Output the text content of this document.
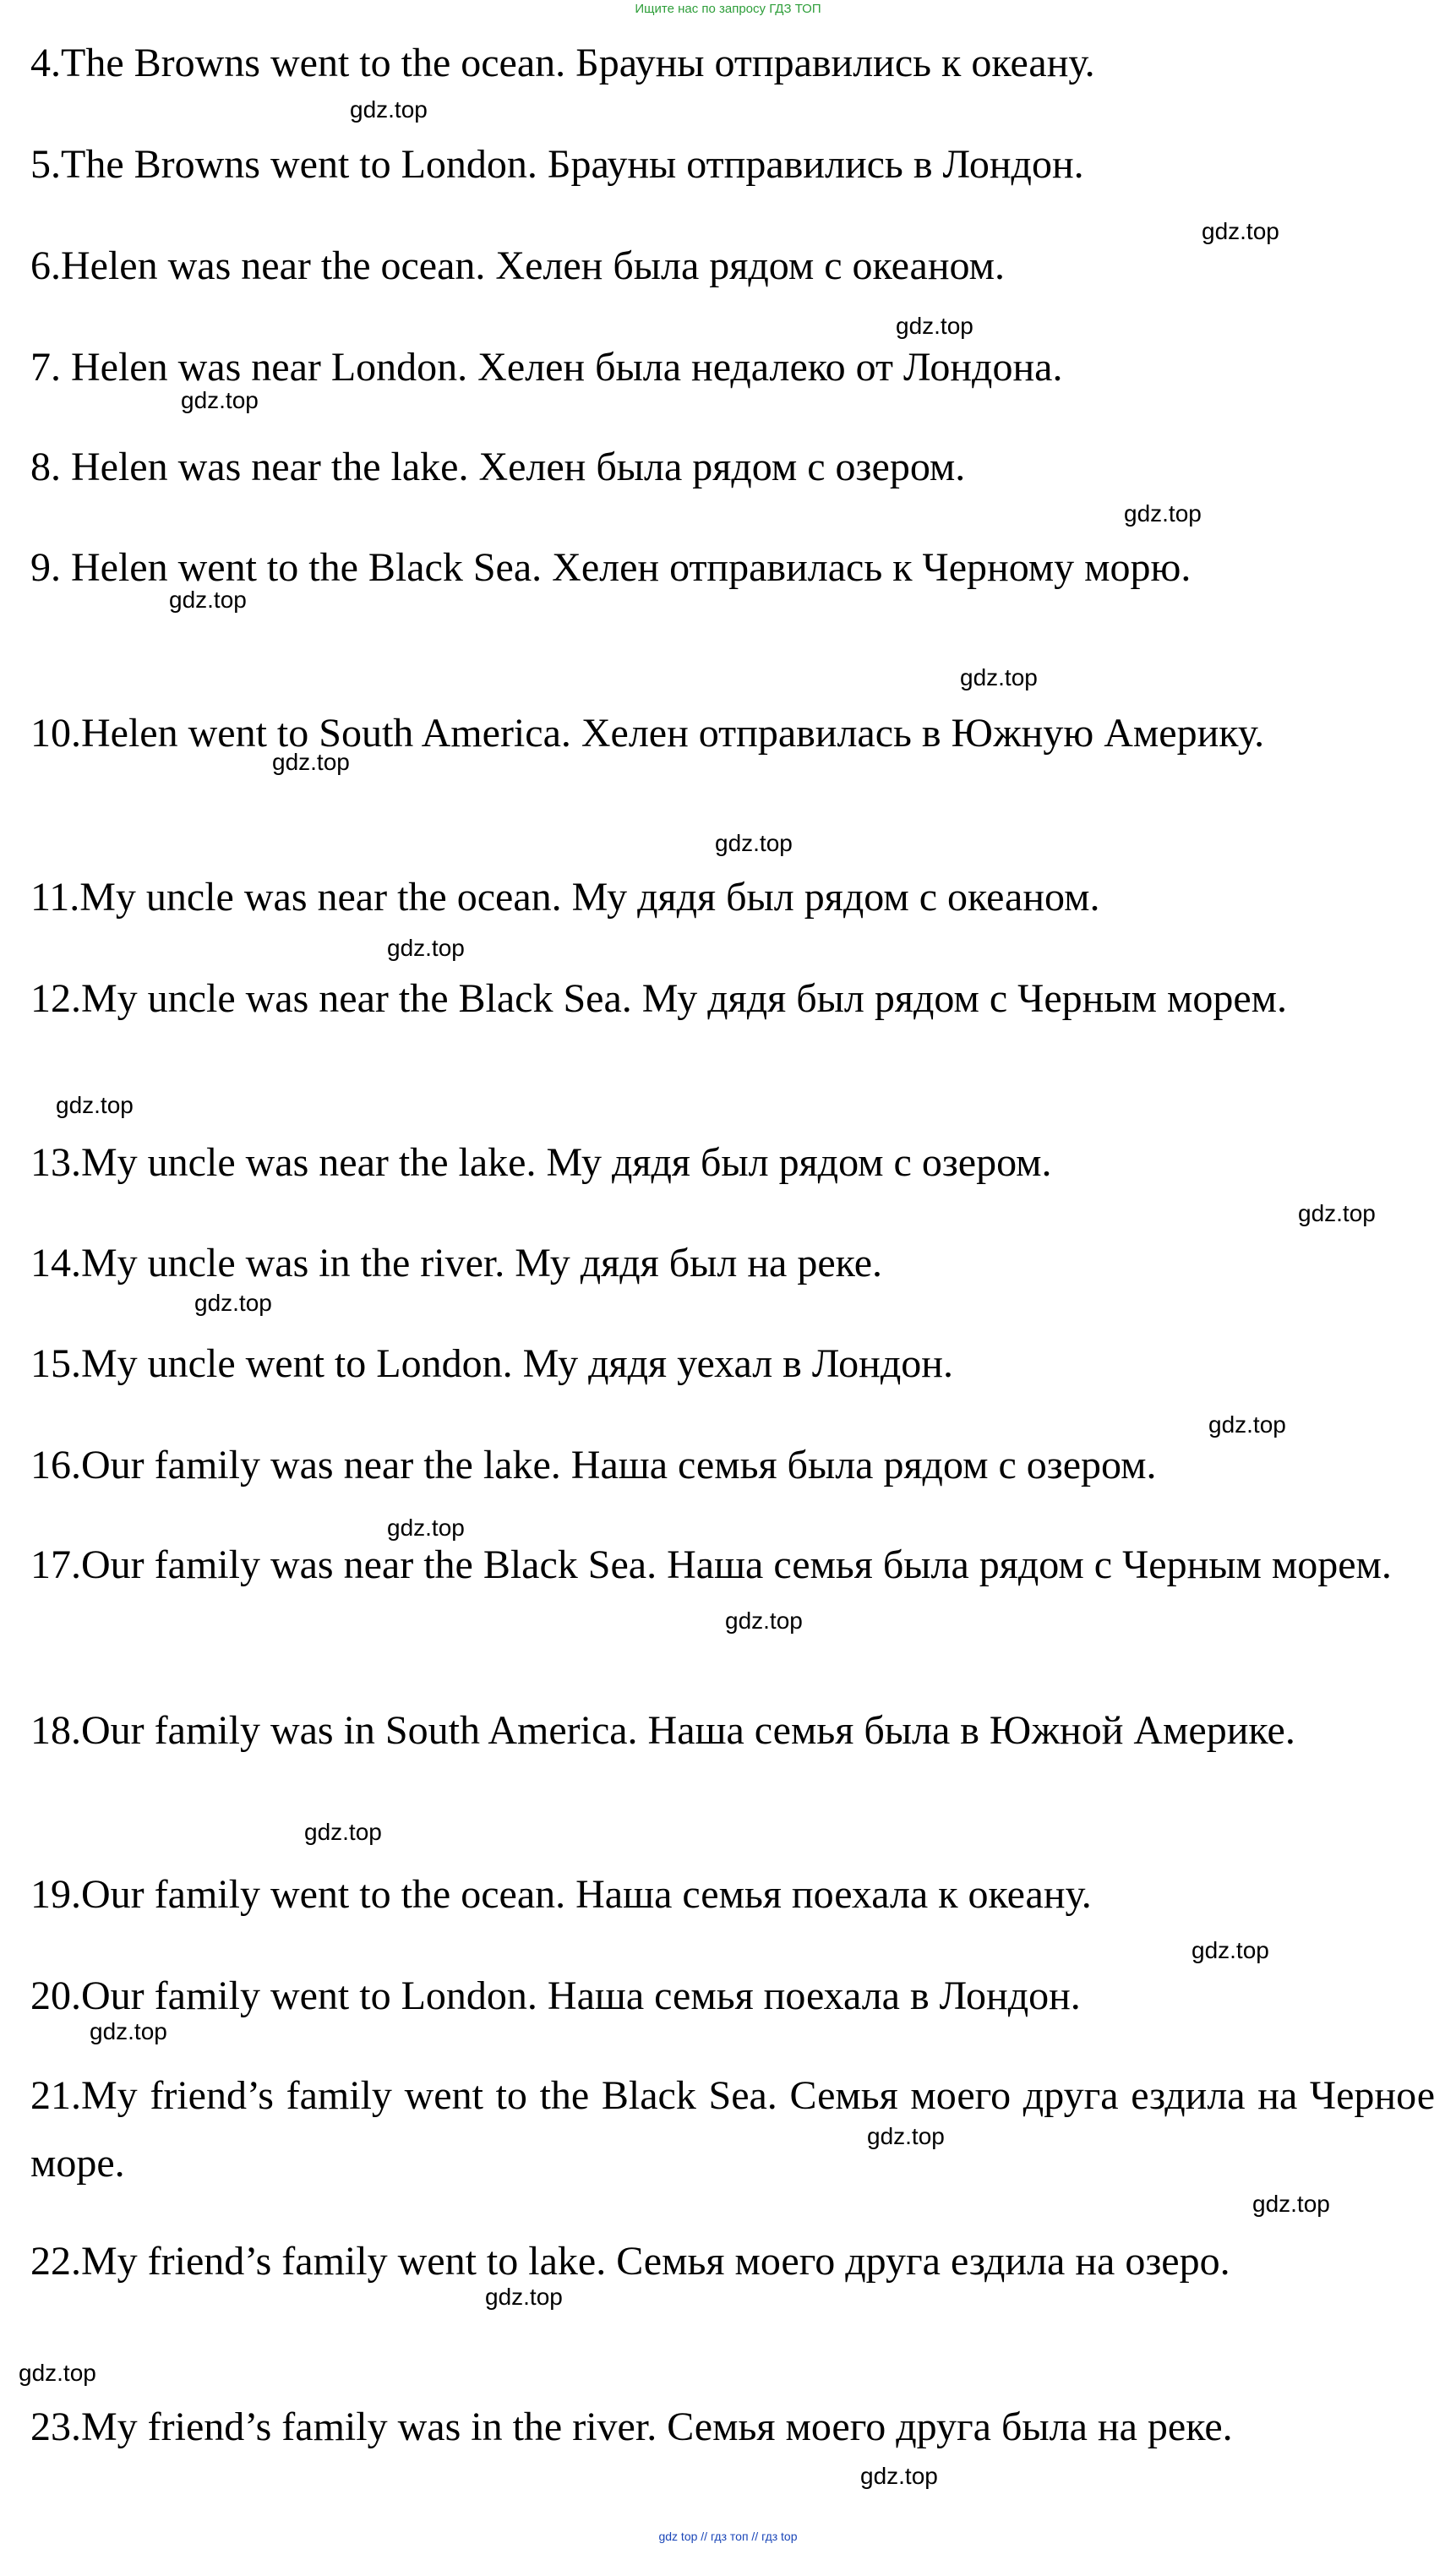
Ищите нас по запросу ГДЗ ТОП
4.The Browns went to the ocean. Брауны отправились к океану.
5.The Browns went to London. Брауны отправились в Лондон.
6.Helen was near the ocean. Хелен была рядом с океаном.
7. Helen was near London. Хелен была недалеко от Лондона.
8. Helen was near the lake. Хелен была рядом с озером.
9. Helen went to the Black Sea. Хелен отправилась к Черному морю.
10.Helen went to South America. Хелен отправилась в Южную Америку.
11.My uncle was near the ocean. Му дядя был рядом с океаном.
12.My uncle was near the Black Sea. Му дядя был рядом с Черным морем.
13.My uncle was near the lake. Му дядя был рядом с озером.
14.My uncle was in the river. Му дядя был на реке.
15.My uncle went to London. Му дядя уехал в Лондон.
16.Our family was near the lake. Наша семья была рядом с озером.
17.Our family was near the Black Sea. Наша семья была рядом с Черным морем.
18.Our family was in South America. Наша семья была в Южной Америке.
19.Our family went to the ocean. Наша семья поехала к океану.
20.Our family went to London. Наша семья поехала в Лондон.
21.My friend’s family went to the Black Sea. Семья моего друга ездила на Черное море.
22.My friend’s family went to lake. Семья моего друга ездила на озеро.
23.My friend’s family was in the river. Семья моего друга была на реке.
gdz.top
gdz.top
gdz.top
gdz.top
gdz.top
gdz.top
gdz.top
gdz.top
gdz.top
gdz.top
gdz.top
gdz.top
gdz.top
gdz.top
gdz.top
gdz.top
gdz.top
gdz.top
gdz.top
gdz.top
gdz.top
gdz.top
gdz.top
gdz.top
gdz top // гдз топ // гдз top
